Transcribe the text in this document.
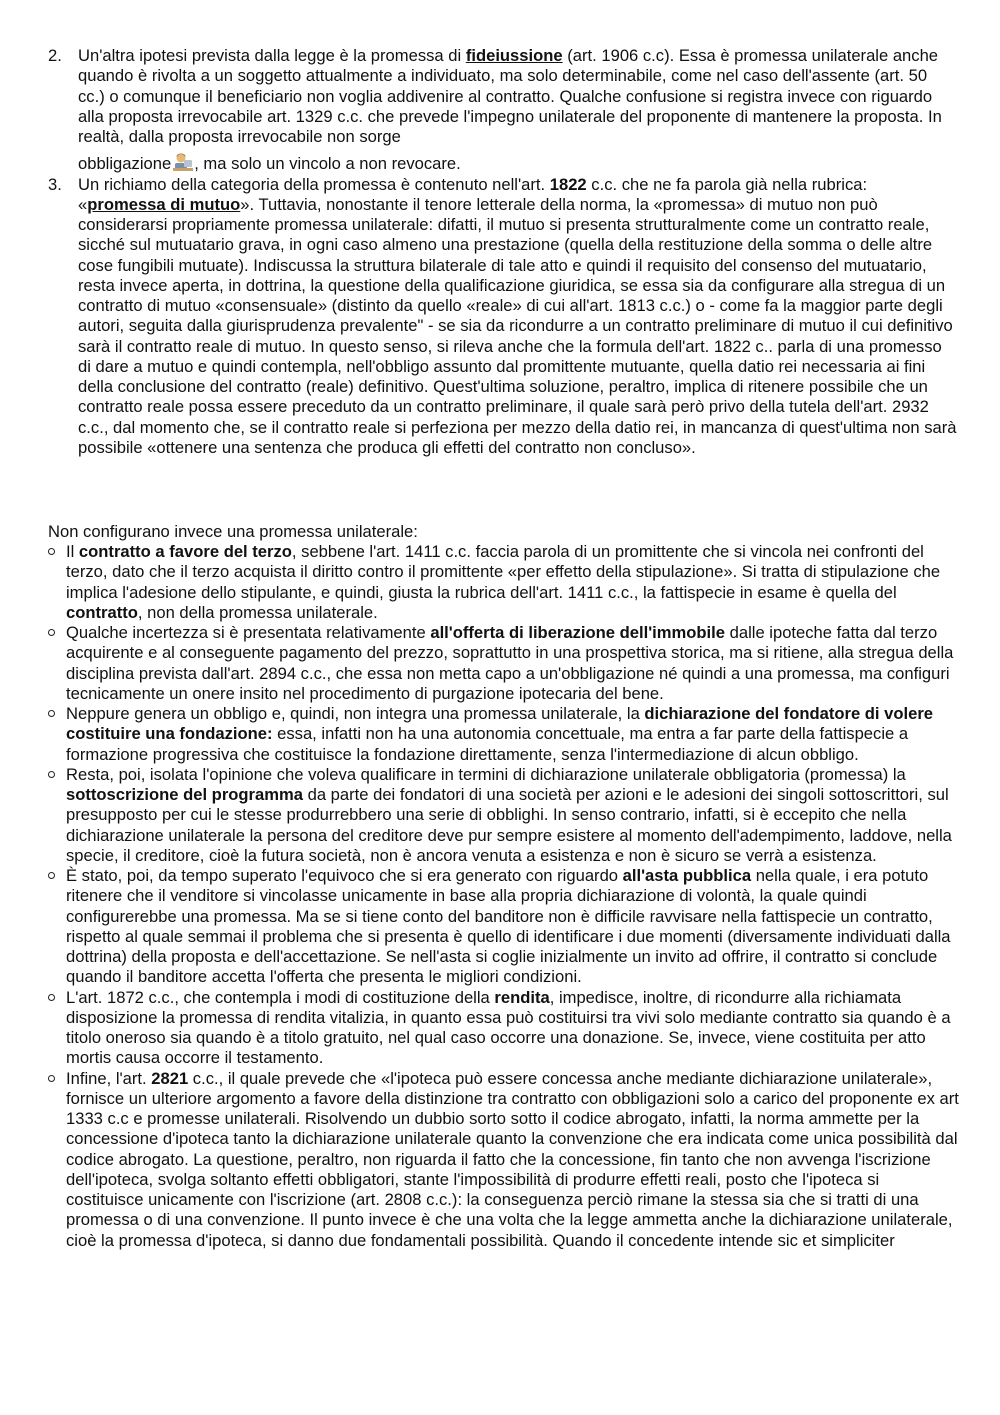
2. Un'altra ipotesi prevista dalla legge è la promessa di fideiussione (art. 1906 c.c). Essa è promessa unilaterale anche quando è rivolta a un soggetto attualmente a individuato, ma solo determinabile, come nel caso dell'assente (art. 50 cc.) o comunque il beneficiario non voglia addivenire al contratto. Qualche confusione si registra invece con riguardo alla proposta irrevocabile art. 1329 c.c. che prevede l'impegno unilaterale del proponente di mantenere la proposta. In realtà, dalla proposta irrevocabile non sorge
obbligazione , ma solo un vincolo a non revocare.

3. Un richiamo della categoria della promessa è contenuto nell'art. 1822 c.c. che ne fa parola già nella rubrica: «promessa di mutuo». Tuttavia, nonostante il tenore letterale della norma, la «promessa» di mutuo non può considerarsi propriamente promessa unilaterale: difatti, il mutuo si presenta strutturalmente come un contratto reale, sicché sul mutuatario grava, in ogni caso almeno una prestazione (quella della restituzione della somma o delle altre cose fungibili mutuate). Indiscussa la struttura bilaterale di tale atto e quindi il requisito del consenso del mutuatario, resta invece aperta, in dottrina, la questione della qualificazione giuridica, se essa sia da configurare alla stregua di un contratto di mutuo «consensuale» (distinto da quello «reale» di cui all'art. 1813 c.c.) o - come fa la maggior parte degli autori, seguita dalla giurisprudenza prevalente" - se sia da ricondurre a un contratto preliminare di mutuo il cui definitivo sarà il contratto reale di mutuo. In questo senso, si rileva anche che la formula dell'art. 1822 c.. parla di una promesso di dare a mutuo e quindi contempla, nell'obbligo assunto dal promittente mutuante, quella datio rei necessaria ai fini della conclusione del contratto (reale) definitivo. Quest'ultima soluzione, peraltro, implica di ritenere possibile che un contratto reale possa essere preceduto da un contratto preliminare, il quale sarà però privo della tutela dell'art. 2932 c.c., dal momento che, se il contratto reale si perfeziona per mezzo della datio rei, in mancanza di quest'ultima non sarà possibile «ottenere una sentenza che produca gli effetti del contratto non concluso».

Non configurano invece una promessa unilaterale:

Il contratto a favore del terzo, sebbene l'art. 1411 c.c. faccia parola di un promittente che si vincola nei confronti del terzo, dato che il terzo acquista il diritto contro il promittente «per effetto della stipulazione». Si tratta di stipulazione che implica l'adesione dello stipulante, e quindi, giusta la rubrica dell'art. 1411 c.c., la fattispecie in esame è quella del contratto, non della promessa unilaterale.

Qualche incertezza si è presentata relativamente all'offerta di liberazione dell'immobile dalle ipoteche fatta dal terzo acquirente e al conseguente pagamento del prezzo, soprattutto in una prospettiva storica, ma si ritiene, alla stregua della disciplina prevista dall'art. 2894 c.c., che essa non metta capo a un'obbligazione né quindi a una promessa, ma configuri tecnicamente un onere insito nel procedimento di purgazione ipotecaria del bene.

Neppure genera un obbligo e, quindi, non integra una promessa unilaterale, la dichiarazione del fondatore di volere costituire una fondazione: essa, infatti non ha una autonomia concettuale, ma entra a far parte della fattispecie a formazione progressiva che costituisce la fondazione direttamente, senza l'intermediazione di alcun obbligo.

Resta, poi, isolata l'opinione che voleva qualificare in termini di dichiarazione unilaterale obbligatoria (promessa) la sottoscrizione del programma da parte dei fondatori di una società per azioni e le adesioni dei singoli sottoscrittori, sul presupposto per cui le stesse produrrebbero una serie di obblighi. In senso contrario, infatti, si è eccepito che nella dichiarazione unilaterale la persona del creditore deve pur sempre esistere al momento dell'adempimento, laddove, nella specie, il creditore, cioè la futura società, non è ancora venuta a esistenza e non è sicuro se verrà a esistenza.

È stato, poi, da tempo superato l'equivoco che si era generato con riguardo all'asta pubblica nella quale, i era potuto ritenere che il venditore si vincolasse unicamente in base alla propria dichiarazione di volontà, la quale quindi configurerebbe una promessa. Ma se si tiene conto del banditore non è difficile ravvisare nella fattispecie un contratto, rispetto al quale semmai il problema che si presenta è quello di identificare i due momenti (diversamente individuati dalla dottrina) della proposta e dell'accettazione. Se nell'asta si coglie inizialmente un invito ad offrire, il contratto si conclude quando il banditore accetta l'offerta che presenta le migliori condizioni.

L'art. 1872 c.c., che contempla i modi di costituzione della rendita, impedisce, inoltre, di ricondurre alla richiamata disposizione la promessa di rendita vitalizia, in quanto essa può costituirsi tra vivi solo mediante contratto sia quando è a titolo oneroso sia quando è a titolo gratuito, nel qual caso occorre una donazione. Se, invece, viene costituita per atto mortis causa occorre il testamento.

Infine, l'art. 2821 c.c., il quale prevede che «l'ipoteca può essere concessa anche mediante dichiarazione unilaterale», fornisce un ulteriore argomento a favore della distinzione tra contratto con obbligazioni solo a carico del proponente ex art 1333 c.c e promesse unilaterali. Risolvendo un dubbio sorto sotto il codice abrogato, infatti, la norma ammette per la concessione d'ipoteca tanto la dichiarazione unilaterale quanto la convenzione che era indicata come unica possibilità dal codice abrogato. La questione, peraltro, non riguarda il fatto che la concessione, fin tanto che non avvenga l'iscrizione dell'ipoteca, svolga soltanto effetti obbligatori, stante l'impossibilità di produrre effetti reali, posto che l'ipoteca si costituisce unicamente con l'iscrizione (art. 2808 c.c.): la conseguenza perciò rimane la stessa sia che si tratti di una promessa o di una convenzione. Il punto invece è che una volta che la legge ammetta anche la dichiarazione unilaterale, cioè la promessa d'ipoteca, si danno due fondamentali possibilità. Quando il concedente intende sic et simpliciter
